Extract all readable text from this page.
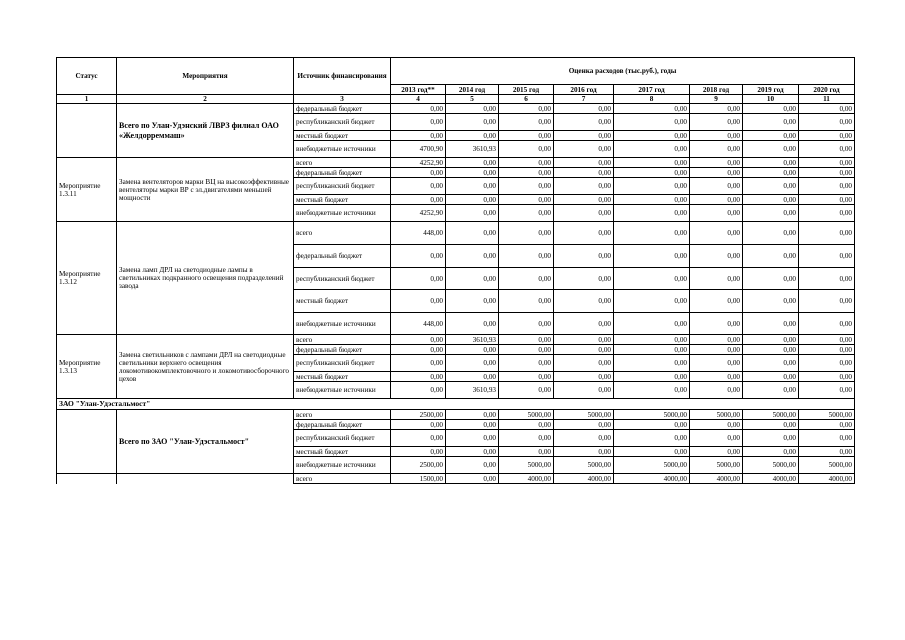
Статус	Мероприятия	Источник финансирования	Оценка расходов (тыс.руб.), годы							
			2013 год**	2014 год	2015 год	2016 год	2017 год	2018 год	2019 год	2020 год
1	2	3	4	5	6	7	8	9	10	11
	Всего по Улан-Удэнский ЛВРЗ филиал ОАО «Желдорреммаш»	федеральный бюджет	0,00	0,00	0,00	0,00	0,00	0,00	0,00	0,00
		республиканский бюджет	0,00	0,00	0,00	0,00	0,00	0,00	0,00	0,00
		местный бюджет	0,00	0,00	0,00	0,00	0,00	0,00	0,00	0,00
		внебюджетные источники	4700,90	3610,93	0,00	0,00	0,00	0,00	0,00	0,00
Мероприятие 1.3.11	Замена вентеляторов марки ВЦ на высокоэффективные вентеляторы марки ВР с эл.двигателями меньшей мощности	всего	4252,90	0,00	0,00	0,00	0,00	0,00	0,00	0,00
		федеральный бюджет	0,00	0,00	0,00	0,00	0,00	0,00	0,00	0,00
		республиканский бюджет	0,00	0,00	0,00	0,00	0,00	0,00	0,00	0,00
		местный бюджет	0,00	0,00	0,00	0,00	0,00	0,00	0,00	0,00
		внебюджетные источники	4252,90	0,00	0,00	0,00	0,00	0,00	0,00	0,00
Мероприятие 1.3.12	Замена ламп ДРЛ на светодиодные лампы в светильниках подкранного освещения подразделений завода	всего	448,00	0,00	0,00	0,00	0,00	0,00	0,00	0,00
		федеральный бюджет	0,00	0,00	0,00	0,00	0,00	0,00	0,00	0,00
		республиканский бюджет	0,00	0,00	0,00	0,00	0,00	0,00	0,00	0,00
		местный бюджет	0,00	0,00	0,00	0,00	0,00	0,00	0,00	0,00
		внебюджетные источники	448,00	0,00	0,00	0,00	0,00	0,00	0,00	0,00
Мероприятие 1.3.13	Замена светильников с лампами ДРЛ на светодиодные светильники верхнего освещения локомотивокомплектовочного и локомотивосборочного цехов	всего	0,00	3610,93	0,00	0,00	0,00	0,00	0,00	0,00
		федеральный бюджет	0,00	0,00	0,00	0,00	0,00	0,00	0,00	0,00
		республиканский бюджет	0,00	0,00	0,00	0,00	0,00	0,00	0,00	0,00
		местный бюджет	0,00	0,00	0,00	0,00	0,00	0,00	0,00	0,00
		внебюджетные источники	0,00	3610,93	0,00	0,00	0,00	0,00	0,00	0,00
ЗАО "Улан-Удэстальмост"										
	Всего по ЗАО "Улан-Удэстальмост"	всего	2500,00	0,00	5000,00	5000,00	5000,00	5000,00	5000,00	5000,00
		федеральный бюджет	0,00	0,00	0,00	0,00	0,00	0,00	0,00	0,00
		республиканский бюджет	0,00	0,00	0,00	0,00	0,00	0,00	0,00	0,00
		местный бюджет	0,00	0,00	0,00	0,00	0,00	0,00	0,00	0,00
		внебюджетные источники	2500,00	0,00	5000,00	5000,00	5000,00	5000,00	5000,00	5000,00
		всего	1500,00	0,00	4000,00	4000,00	4000,00	4000,00	4000,00	4000,00
